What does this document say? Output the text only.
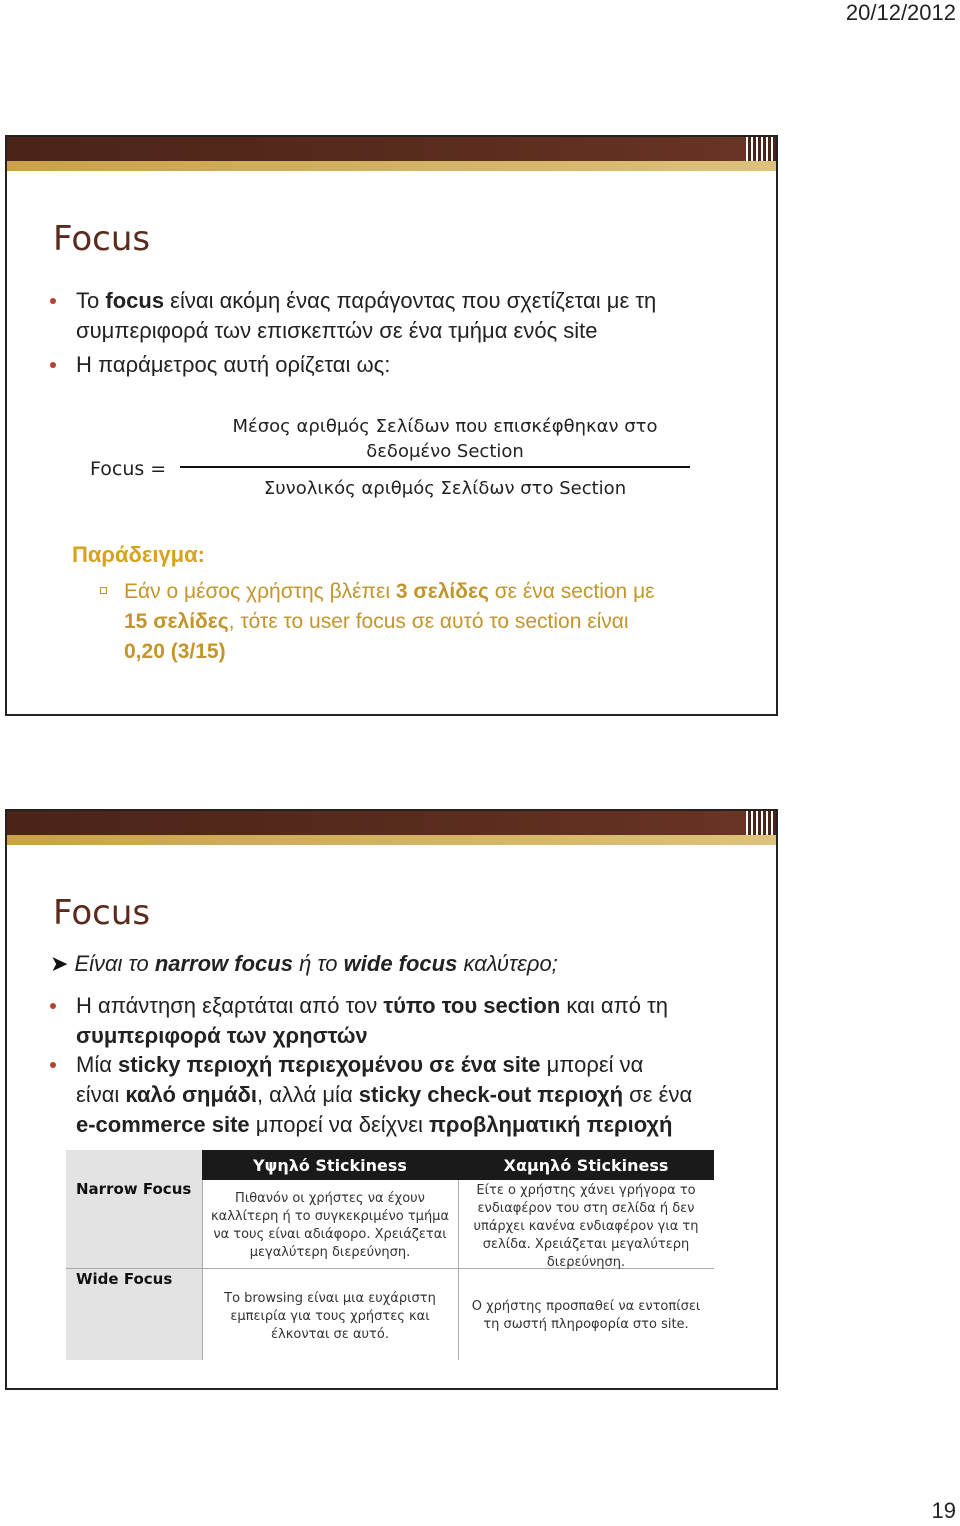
20/12/2012
Focus
Το focus είναι ακόμη ένας παράγοντας που σχετίζεται με τη
συμπεριφορά των επισκεπτών σε ένα τμήμα ενός site
Η παράμετρος αυτή ορίζεται ως:
Focus =
Μέσος αριθμός Σελίδων που επισκέφθηκαν στο
δεδομένο Section
Συνολικός αριθμός Σελίδων στο Section
Παράδειγμα:
Εάν ο μέσος χρήστης βλέπει 3 σελίδες σε ένα section με
15 σελίδες, τότε το user focus σε αυτό το section είναι
0,20 (3/15)
Focus
➤ Είναι το narrow focus ή το wide focus καλύτερο;
Η απάντηση εξαρτάται από τον τύπο του section και από τη
συμπεριφορά των χρηστών
Μία sticky περιοχή περιεχομένου σε ένα site μπορεί να
είναι καλό σημάδι, αλλά μία sticky check-out περιοχή σε ένα
e-commerce site μπορεί να δείχνει προβληματική περιοχή
Υψηλό Stickiness	Χαμηλό Stickiness
Narrow Focus
Wide Focus
Πιθανόν οι χρήστες να έχουν καλλίτερη ή το συγκεκριμένο τμήμα να τους είναι αδιάφορο. Χρειάζεται μεγαλύτερη διερεύνηση.
Είτε ο χρήστης χάνει γρήγορα το ενδιαφέρον του στη σελίδα ή δεν υπάρχει κανένα ενδιαφέρον για τη σελίδα. Χρειάζεται μεγαλύτερη διερεύνηση.
Το browsing είναι μια ευχάριστη εμπειρία για τους χρήστες και έλκονται σε αυτό.
Ο χρήστης προσπαθεί να εντοπίσει τη σωστή πληροφορία στο site.
19
